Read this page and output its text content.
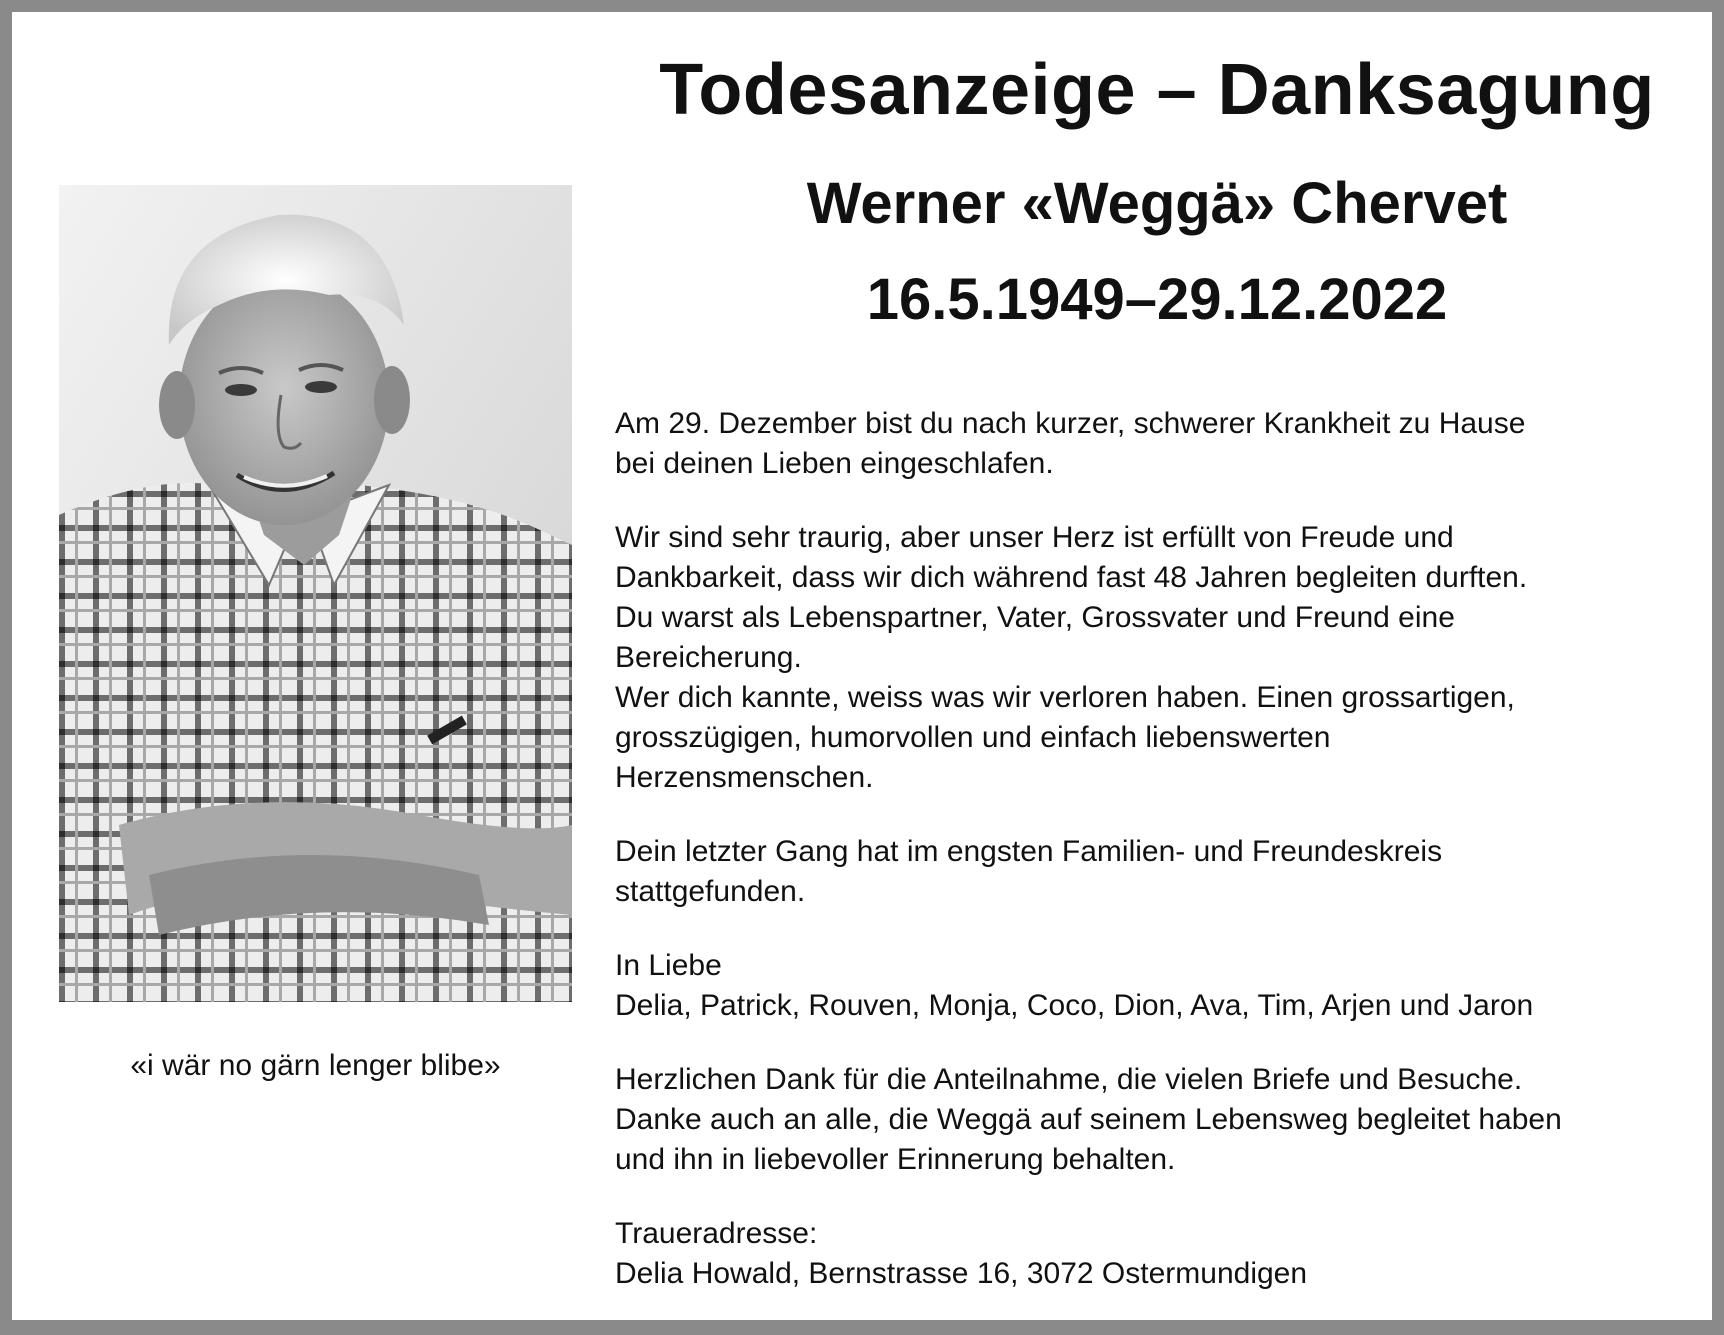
Todesanzeige – Danksagung
Werner «Weggä» Chervet
16.5.1949–29.12.2022

«i wär no gärn lenger blibe»

Am 29. Dezember bist du nach kurzer, schwerer Krankheit zu Hause
bei deinen Lieben eingeschlafen.

Wir sind sehr traurig, aber unser Herz ist erfüllt von Freude und
Dankbarkeit, dass wir dich während fast 48 Jahren begleiten durften.
Du warst als Lebenspartner, Vater, Grossvater und Freund eine
Bereicherung.
Wer dich kannte, weiss was wir verloren haben. Einen grossartigen,
grosszügigen, humorvollen und einfach liebenswerten
Herzensmenschen.

Dein letzter Gang hat im engsten Familien- und Freundeskreis
stattgefunden.

In Liebe
Delia, Patrick, Rouven, Monja, Coco, Dion, Ava, Tim, Arjen und Jaron

Herzlichen Dank für die Anteilnahme, die vielen Briefe und Besuche.
Danke auch an alle, die Weggä auf seinem Lebensweg begleitet haben
und ihn in liebevoller Erinnerung behalten.

Traueradresse:
Delia Howald, Bernstrasse 16, 3072 Ostermundigen
